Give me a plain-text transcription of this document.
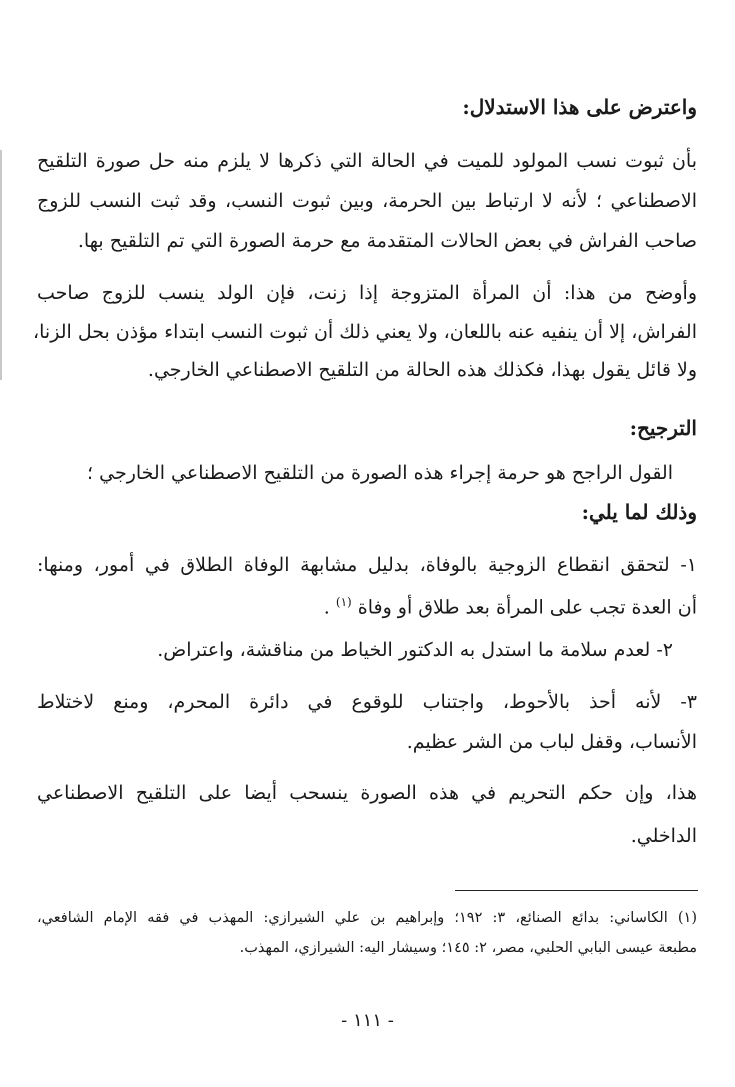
واعترض على هذا الاستدلال:
بأن ثبوت نسب المولود للميت في الحالة التي ذكرها لا يلزم منه حل صورة التلقيح
الاصطناعي ؛ لأنه لا ارتباط بين الحرمة، وبين ثبوت النسب، وقد ثبت النسب للزوج
صاحب الفراش في بعض الحالات المتقدمة مع حرمة الصورة التي تم التلقيح بها.
وأوضح من هذا: أن المرأة المتزوجة إذا زنت، فإن الولد ينسب للزوج صاحب
الفراش، إلا أن ينفيه عنه باللعان، ولا يعني ذلك أن ثبوت النسب ابتداء مؤذن بحل الزنا،
ولا قائل يقول بهذا، فكذلك هذه الحالة من التلقيح الاصطناعي الخارجي.
الترجيح:
القول الراجح هو حرمة إجراء هذه الصورة من التلقيح الاصطناعي الخارجي ؛
وذلك لما يلي:
١- لتحقق انقطاع الزوجية بالوفاة، بدليل مشابهة الوفاة الطلاق في أمور، ومنها:
أن العدة تجب على المرأة بعد طلاق أو وفاة $^{(١)}$ .
٢- لعدم سلامة ما استدل به الدكتور الخياط من مناقشة، واعتراض.
٣- لأنه أحذ بالأحوط، واجتناب للوقوع في دائرة المحرم، ومنع لاختلاط
الأنساب، وقفل لباب من الشر عظيم.
هذا، وإن حكم التحريم في هذه الصورة ينسحب أيضا على التلقيح الاصطناعي
الداخلي.
(١) الكاساني: بدائع الصنائع، ٣: ١٩٢؛ وإبراهيم بن علي الشيرازي: المهذب في فقه الإمام الشافعي،
مطبعة عيسى البابي الحلبي، مصر، ٢: ١٤٥؛ وسيشار اليه: الشيرازي، المهذب.
- ١١١ -
